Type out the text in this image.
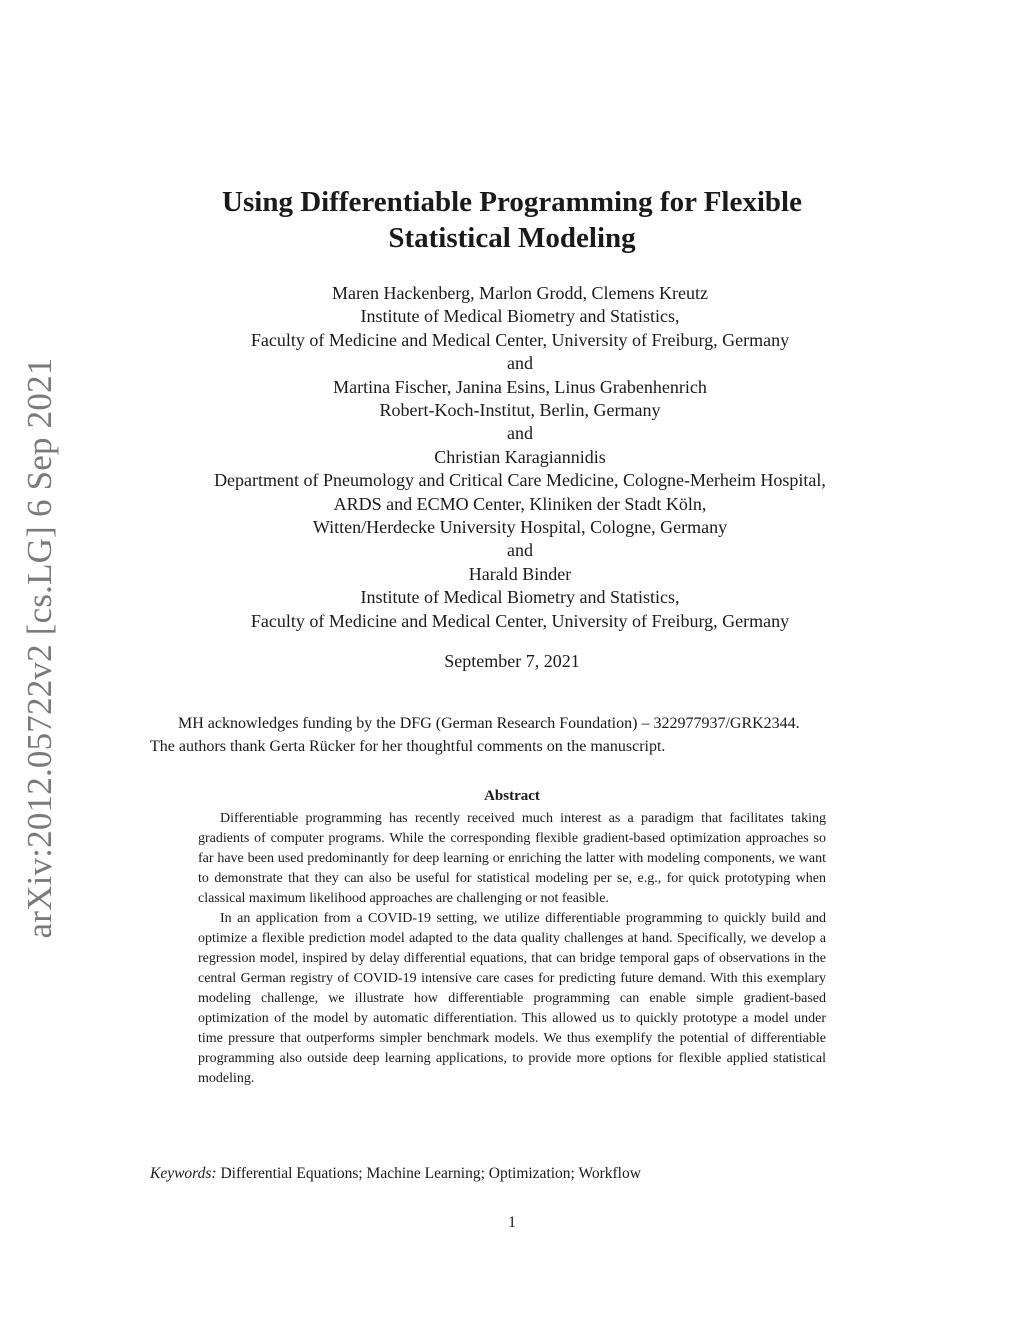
arXiv:2012.05722v2 [cs.LG] 6 Sep 2021
Using Differentiable Programming for Flexible
Statistical Modeling
Maren Hackenberg, Marlon Grodd, Clemens Kreutz
Institute of Medical Biometry and Statistics,
Faculty of Medicine and Medical Center, University of Freiburg, Germany
and
Martina Fischer, Janina Esins, Linus Grabenhenrich
Robert-Koch-Institut, Berlin, Germany
and
Christian Karagiannidis
Department of Pneumology and Critical Care Medicine, Cologne-Merheim Hospital,
ARDS and ECMO Center, Kliniken der Stadt Köln,
Witten/Herdecke University Hospital, Cologne, Germany
and
Harald Binder
Institute of Medical Biometry and Statistics,
Faculty of Medicine and Medical Center, University of Freiburg, Germany
September 7, 2021

MH acknowledges funding by the DFG (German Research Foundation) – 322977937/GRK2344.

The authors thank Gerta Rücker for her thoughtful comments on the manuscript.

Abstract

Differentiable programming has recently received much interest as a paradigm that facilitates taking gradients of computer programs. While the corresponding flexible gradient-based optimization approaches so far have been used predominantly for deep learning or enriching the latter with modeling components, we want to demonstrate that they can also be useful for statistical modeling per se, e.g., for quick prototyping when classical maximum likelihood approaches are challenging or not feasible.

In an application from a COVID-19 setting, we utilize differentiable programming to quickly build and optimize a flexible prediction model adapted to the data quality challenges at hand. Specifically, we develop a regression model, inspired by delay differential equations, that can bridge temporal gaps of observations in the central German registry of COVID-19 intensive care cases for predicting future demand. With this exemplary modeling challenge, we illustrate how differentiable programming can enable simple gradient-based optimization of the model by automatic differentiation. This allowed us to quickly prototype a model under time pressure that outperforms simpler benchmark models. We thus exemplify the potential of differentiable programming also outside deep learning applications, to provide more options for flexible applied statistical modeling.

Keywords: Differential Equations; Machine Learning; Optimization; Workflow
1
